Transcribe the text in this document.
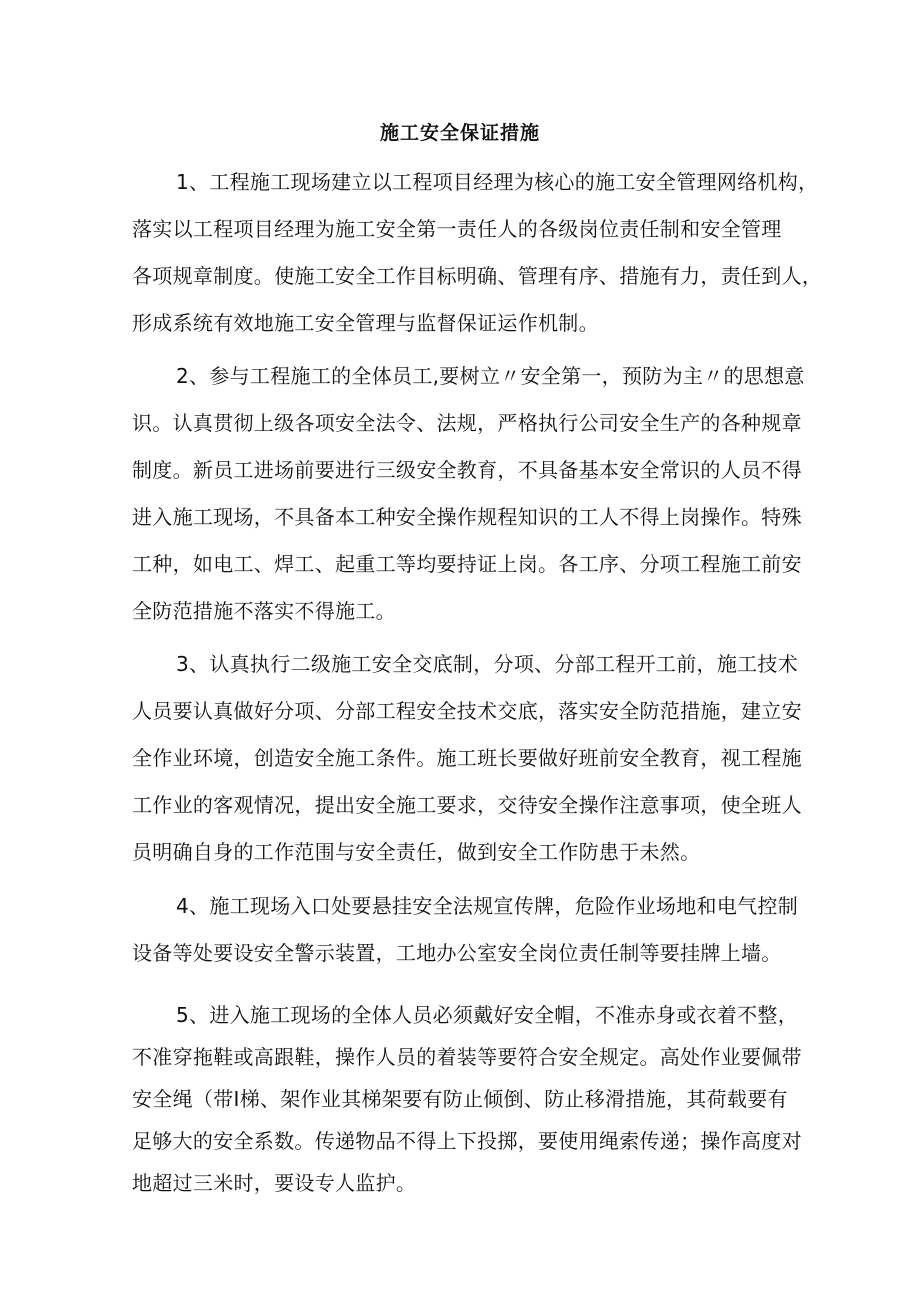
施工安全保证措施
1、工程施工现场建立以工程项目经理为核心的施工安全管理网络机构，
落实以工程项目经理为施工安全第一责任人的各级岗位责任制和安全管理
各项规章制度。使施工安全工作目标明确、管理有序、措施有力，责任到人，
形成系统有效地施工安全管理与监督保证运作机制。
2、参与工程施工的全体员工,要树立〃安全第一，预防为主〃的思想意
识。认真贯彻上级各项安全法令、法规，严格执行公司安全生产的各种规章
制度。新员工进场前要进行三级安全教育，不具备基本安全常识的人员不得
进入施工现场，不具备本工种安全操作规程知识的工人不得上岗操作。特殊
工种，如电工、焊工、起重工等均要持证上岗。各工序、分项工程施工前安
全防范措施不落实不得施工。
3、认真执行二级施工安全交底制，分项、分部工程开工前，施工技术
人员要认真做好分项、分部工程安全技术交底，落实安全防范措施，建立安
全作业环境，创造安全施工条件。施工班长要做好班前安全教育，视工程施
工作业的客观情况，提出安全施工要求，交待安全操作注意事项，使全班人
员明确自身的工作范围与安全责任，做到安全工作防患于未然。
4、施工现场入口处要悬挂安全法规宣传牌，危险作业场地和电气控制
设备等处要设安全警示装置，工地办公室安全岗位责任制等要挂牌上墙。
5、进入施工现场的全体人员必须戴好安全帽，不准赤身或衣着不整，
不准穿拖鞋或高跟鞋，操作人员的着装等要符合安全规定。高处作业要佩带
安全绳（带I梯、架作业其梯架要有防止倾倒、防止移滑措施，其荷载要有
足够大的安全系数。传递物品不得上下投掷，要使用绳索传递；操作高度对
地超过三米时，要设专人监护。
